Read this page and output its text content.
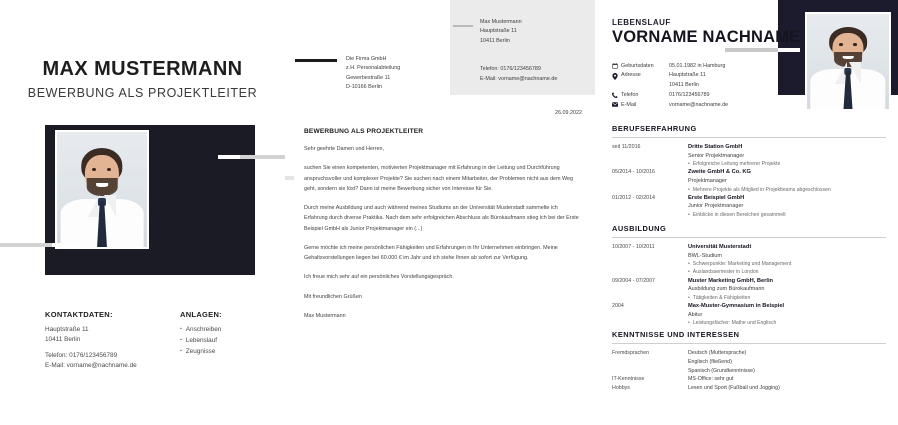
MAX MUSTERMANN
BEWERBUNG ALS PROJEKTLEITER
KONTAKTDATEN:
Hauptstraße 11
10411 Berlin
Telefon: 0176/123456789
E-Mail: vorname@nachname.de
ANLAGEN:
▪ Anschreiben
▪ Lebenslauf
▪ Zeugnisse
Die Firma GmbH
z.H. Personalabteilung
Gewerbestraße 11
D-10166 Berlin
Max Mustermann
Hauptstraße 11
10411 Berlin

Telefon: 0176/123456789
E-Mail: vorname@nachname.de
26.09.2022
BEWERBUNG ALS PROJEKTLEITER

Sehr geehrte Damen und Herren,

suchen Sie einen kompetenten, motivierten Projektmanager mit Erfahrung in der Leitung und Durchführung anspruchsvoller und komplexer Projekte? Sie suchen nach einem Mitarbeiter, der Problemen nicht aus dem Weg geht, sondern sie löst? Dann ist meine Bewerbung sicher von Interesse für Sie.

Durch meine Ausbildung und auch während meines Studiums an der Universität Musterstadt sammelte ich Erfahrung durch diverse Praktika. Nach dem sehr erfolgreichen Abschluss als Bürokaufmann stieg ich bei der Erste Beispiel GmbH als Junior Projektmanager ein (...)

Gerne möchte ich meine persönlichen Fähigkeiten und Erfahrungen in Ihr Unternehmen einbringen. Meine Gehaltsvorstellungen liegen bei 60.000 € im Jahr und ich stehe Ihnen ab sofort zur Verfügung.

Ich freue mich sehr auf ein persönliches Vorstellungsgespräch.

Mit freundlichen Grüßen

Max Mustermann

LEBENSLAUF
VORNAME NACHNAME
Geburtsdaten	05.01.1982 in Hamburg
Adresse	Hauptstraße 11
10411 Berlin
Telefon	0176/123456789
E-Mail	vorname@nachname.de
BERUFSERFAHRUNG
seit 11/2016	Dritte Station GmbH
Senior Projektmanager
• Erfolgreiche Leitung mehrerer Projekte
05/2014 - 10/2016	Zweite GmbH & Co. KG
Projektmanager
• Mehrere Projekte als Mitglied in Projektteams abgeschlossen
01/2012 - 02/2014	Erste Beispiel GmbH
Junior Projektmanager
• Einblicke in diesen Bereichen gesammelt
AUSBILDUNG
10/2007 - 10/2011	Universität Musterstadt
BWL-Studium
• Schwerpunkte: Marketing und Management
• Auslandssemester in London
09/2004 - 07/2007	Muster Marketing GmbH, Berlin
Ausbildung zum Bürokaufmann
• Tätigkeiten & Fähigkeiten
2004	Max-Muster-Gymnasium in Beispiel
Abitur
• Leistungsfächer: Mathe und Englisch
KENNTNISSE UND INTERESSEN
Fremdsprachen	Deutsch (Muttersprache)
Englisch (fließend)
Spanisch (Grundkenntnisse)
IT-Kenntnisse	MS-Office: sehr gut
Hobbys	Lesen und Sport (Fußball und Jogging)
